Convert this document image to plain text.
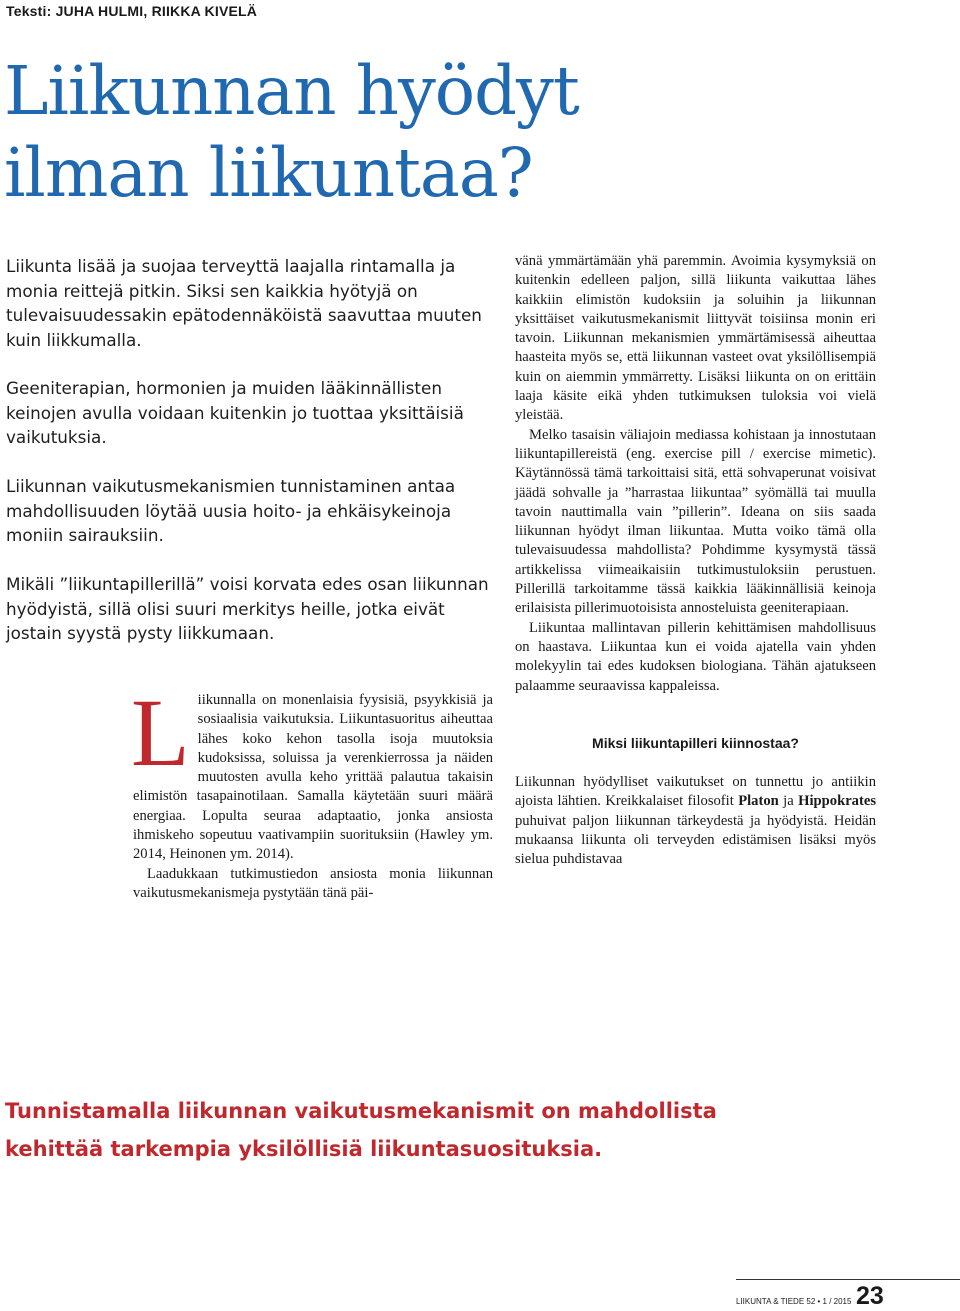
Teksti: JUHA HULMI, RIIKKA KIVELÄ
Liikunnan hyödyt
ilman liikuntaa?

Liikunta lisää ja suojaa terveyttä laajalla rintamalla ja monia reittejä pitkin. Siksi sen kaikkia hyötyjä on tulevaisuudessakin epätodennäköistä saavuttaa muuten kuin liikkumalla.

Geeniterapian, hormonien ja muiden lääkinnällisten keinojen avulla voidaan kuitenkin jo tuottaa yksittäisiä vaikutuksia.

Liikunnan vaikutusmekanismien tunnistaminen antaa mahdollisuuden löytää uusia hoito- ja ehkäisykeinoja moniin sairauksiin.

Mikäli ”liikuntapillerillä” voisi korvata edes osan liikunnan hyödyistä, sillä olisi suuri merkitys heille, jotka eivät jostain syystä pysty liikkumaan.

L iikunnalla on monenlaisia fyysisiä, psyykkisiä ja sosiaalisia vaikutuksia. Liikuntasuoritus aiheuttaa lähes koko kehon tasolla isoja muutoksia kudoksissa, soluissa ja verenkierrossa ja näiden muutosten avulla keho yrittää palautua takaisin elimistön tasapainotilaan. Samalla käytetään suuri määrä energiaa. Lopulta seuraa adaptaatio, jonka ansiosta ihmiskeho sopeutuu vaativampiin suorituksiin (Hawley ym. 2014, Heinonen ym. 2014).

Laadukkaan tutkimustiedon ansiosta monia liikunnan vaikutusmekanismeja pystytään tänä päi-

vänä ymmärtämään yhä paremmin. Avoimia kysymyksiä on kuitenkin edelleen paljon, sillä liikunta vaikuttaa lähes kaikkiin elimistön kudoksiin ja soluihin ja liikunnan yksittäiset vaikutusmekanismit liittyvät toisiinsa monin eri tavoin. Liikunnan mekanismien ymmärtämisessä aiheuttaa haasteita myös se, että liikunnan vasteet ovat yksilöllisempiä kuin on aiemmin ymmärretty. Lisäksi liikunta on on erittäin laaja käsite eikä yhden tutkimuksen tuloksia voi vielä yleistää.

Melko tasaisin väliajoin mediassa kohistaan ja innostutaan liikuntapillereistä (eng. exercise pill / exercise mimetic). Käytännössä tämä tarkoittaisi sitä, että sohvaperunat voisivat jäädä sohvalle ja ”harrastaa liikuntaa” syömällä tai muulla tavoin nauttimalla vain ”pillerin”. Ideana on siis saada liikunnan hyödyt ilman liikuntaa. Mutta voiko tämä olla tulevaisuudessa mahdollista? Pohdimme kysymystä tässä artikkelissa viimeaikaisiin tutkimustuloksiin perustuen. Pillerillä tarkoitamme tässä kaikkia lääkinnällisiä keinoja erilaisista pillerimuotoisista annosteluista geeniterapiaan.

Liikuntaa mallintavan pillerin kehittämisen mahdollisuus on haastava. Liikuntaa kun ei voida ajatella vain yhden molekyylin tai edes kudoksen biologiana. Tähän ajatukseen palaamme seuraavissa kappaleissa.

Miksi liikuntapilleri kiinnostaa?

Liikunnan hyödylliset vaikutukset on tunnettu jo antiikin ajoista lähtien. Kreikkalaiset filosofit Platon ja Hippokrates puhuivat paljon liikunnan tärkeydestä ja hyödyistä. Heidän mukaansa liikunta oli terveyden edistämisen lisäksi myös sielua puhdistavaa

Tunnistamalla liikunnan vaikutusmekanismit on mahdollista
kehittää tarkempia yksilöllisiä liikuntasuosituksia.
LIIKUNTA & TIEDE 52 • 1 / 2015 23
